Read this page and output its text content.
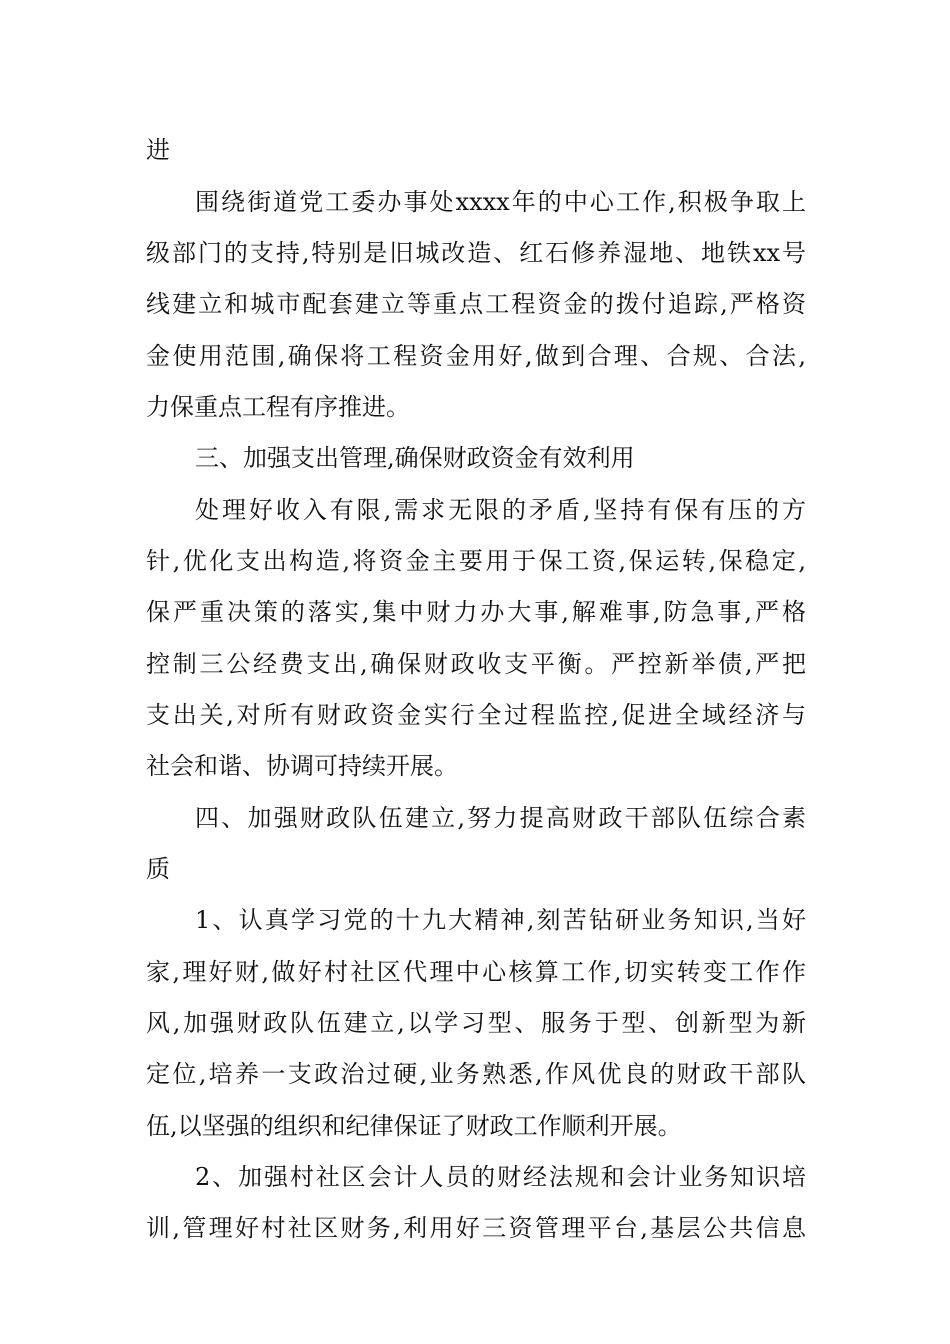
进
围绕街道党工委办事处xxxx年的中心工作,积极争取上
级部门的支持,特别是旧城改造、红石修养湿地、地铁xx号
线建立和城市配套建立等重点工程资金的拨付追踪,严格资
金使用范围,确保将工程资金用好,做到合理、合规、合法,
力保重点工程有序推进。
三、加强支出管理,确保财政资金有效利用
处理好收入有限,需求无限的矛盾,坚持有保有压的方
针,优化支出构造,将资金主要用于保工资,保运转,保稳定,
保严重决策的落实,集中财力办大事,解难事,防急事,严格
控制三公经费支出,确保财政收支平衡。严控新举债,严把
支出关,对所有财政资金实行全过程监控,促进全域经济与
社会和谐、协调可持续开展。
四、加强财政队伍建立,努力提高财政干部队伍综合素
质
1、认真学习党的十九大精神,刻苦钻研业务知识,当好
家,理好财,做好村社区代理中心核算工作,切实转变工作作
风,加强财政队伍建立,以学习型、服务于型、创新型为新
定位,培养一支政治过硬,业务熟悉,作风优良的财政干部队
伍,以坚强的组织和纪律保证了财政工作顺利开展。
2、加强村社区会计人员的财经法规和会计业务知识培
训,管理好村社区财务,利用好三资管理平台,基层公共信息
